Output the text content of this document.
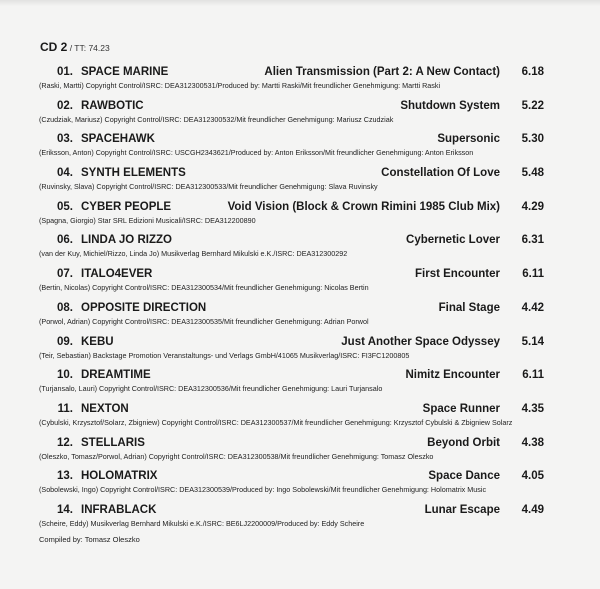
CD 2 / TT: 74.23
01. SPACE MARINE	Alien Transmission (Part 2: A New Contact)	6.18
(Raski, Martti) Copyright Control/ISRC: DEA312300531/Produced by: Martti Raski/Mit freundlicher Genehmigung: Martti Raski
02. RAWBOTIC	Shutdown System	5.22
(Czudziak, Mariusz) Copyright Control/ISRC: DEA312300532/Mit freundlicher Genehmigung: Mariusz Czudziak
03. SPACEHAWK	Supersonic	5.30
(Eriksson, Anton) Copyright Control/ISRC: USCGH2343621/Produced by: Anton Eriksson/Mit freundlicher Genehmigung: Anton Eriksson
04. SYNTH ELEMENTS	Constellation Of Love	5.48
(Ruvinsky, Slava) Copyright Control/ISRC: DEA312300533/Mit freundlicher Genehmigung: Slava Ruvinsky
05. CYBER PEOPLE	Void Vision (Block & Crown Rimini 1985 Club Mix)	4.29
(Spagna, Giorgio) Star SRL Edizioni Musicali/ISRC: DEA312200890
06. LINDA JO RIZZO	Cybernetic Lover	6.31
(van der Kuy, Michiel/Rizzo, Linda Jo) Musikverlag Bernhard Mikulski e.K./ISRC: DEA312300292
07. ITALO4EVER	First Encounter	6.11
(Bertin, Nicolas) Copyright Control/ISRC: DEA312300534/Mit freundlicher Genehmigung: Nicolas Bertin
08. OPPOSITE DIRECTION	Final Stage	4.42
(Porwol, Adrian) Copyright Control/ISRC: DEA312300535/Mit freundlicher Genehmigung: Adrian Porwol
09. KEBU	Just Another Space Odyssey	5.14
(Teir, Sebastian) Backstage Promotion Veranstaltungs- und Verlags GmbH/41065 Musikverlag/ISRC: FI3FC1200805
10. DREAMTIME	Nimitz Encounter	6.11
(Turjansalo, Lauri) Copyright Control/ISRC: DEA312300536/Mit freundlicher Genehmigung: Lauri Turjansalo
11. NEXTON	Space Runner	4.35
(Cybulski, Krzysztof/Solarz, Zbigniew) Copyright Control/ISRC: DEA312300537/Mit freundlicher Genehmigung: Krzysztof Cybulski & Zbigniew Solarz
12. STELLARIS	Beyond Orbit	4.38
(Oleszko, Tomasz/Porwol, Adrian) Copyright Control/ISRC: DEA312300538/Mit freundlicher Genehmigung: Tomasz Oleszko
13. HOLOMATRIX	Space Dance	4.05
(Sobolewski, Ingo) Copyright Control/ISRC: DEA312300539/Produced by: Ingo Sobolewski/Mit freundlicher Genehmigung: Holomatrix Music
14. INFRABLACK	Lunar Escape	4.49
(Scheire, Eddy) Musikverlag Bernhard Mikulski e.K./ISRC: BE6LJ2200009/Produced by: Eddy Scheire
Compiled by: Tomasz Oleszko
